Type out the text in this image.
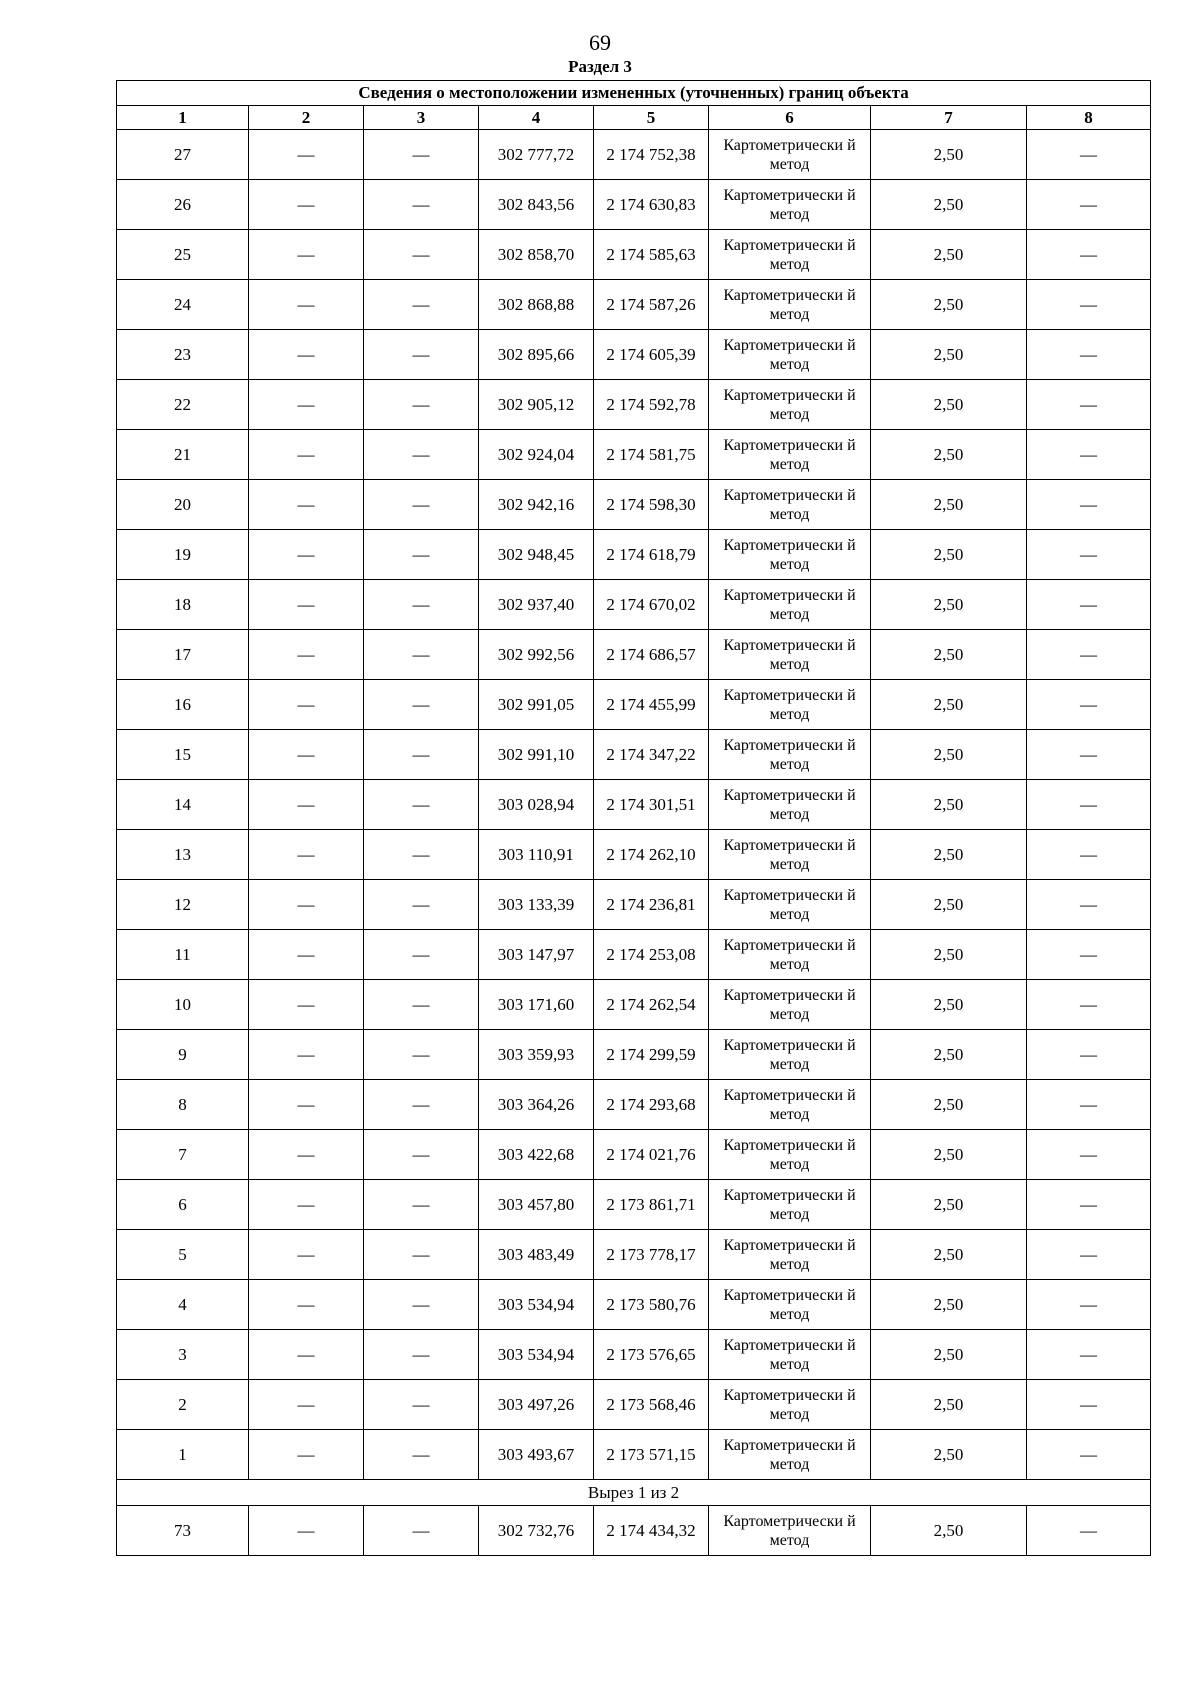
69
Раздел 3
Сведения о местоположении измененных (уточненных) границ объекта							
1	2	3	4	5	6	7	8
27	—	—	302 777,72	2 174 752,38	Картометрически й метод	2,50	—
26	—	—	302 843,56	2 174 630,83	Картометрически й метод	2,50	—
25	—	—	302 858,70	2 174 585,63	Картометрически й метод	2,50	—
24	—	—	302 868,88	2 174 587,26	Картометрически й метод	2,50	—
23	—	—	302 895,66	2 174 605,39	Картометрически й метод	2,50	—
22	—	—	302 905,12	2 174 592,78	Картометрически й метод	2,50	—
21	—	—	302 924,04	2 174 581,75	Картометрически й метод	2,50	—
20	—	—	302 942,16	2 174 598,30	Картометрически й метод	2,50	—
19	—	—	302 948,45	2 174 618,79	Картометрически й метод	2,50	—
18	—	—	302 937,40	2 174 670,02	Картометрически й метод	2,50	—
17	—	—	302 992,56	2 174 686,57	Картометрически й метод	2,50	—
16	—	—	302 991,05	2 174 455,99	Картометрически й метод	2,50	—
15	—	—	302 991,10	2 174 347,22	Картометрически й метод	2,50	—
14	—	—	303 028,94	2 174 301,51	Картометрически й метод	2,50	—
13	—	—	303 110,91	2 174 262,10	Картометрически й метод	2,50	—
12	—	—	303 133,39	2 174 236,81	Картометрически й метод	2,50	—
11	—	—	303 147,97	2 174 253,08	Картометрически й метод	2,50	—
10	—	—	303 171,60	2 174 262,54	Картометрически й метод	2,50	—
9	—	—	303 359,93	2 174 299,59	Картометрически й метод	2,50	—
8	—	—	303 364,26	2 174 293,68	Картометрически й метод	2,50	—
7	—	—	303 422,68	2 174 021,76	Картометрически й метод	2,50	—
6	—	—	303 457,80	2 173 861,71	Картометрически й метод	2,50	—
5	—	—	303 483,49	2 173 778,17	Картометрически й метод	2,50	—
4	—	—	303 534,94	2 173 580,76	Картометрически й метод	2,50	—
3	—	—	303 534,94	2 173 576,65	Картометрически й метод	2,50	—
2	—	—	303 497,26	2 173 568,46	Картометрически й метод	2,50	—
1	—	—	303 493,67	2 173 571,15	Картометрически й метод	2,50	—
Вырез 1 из 2							
73	—	—	302 732,76	2 174 434,32	Картометрически й метод	2,50	—
